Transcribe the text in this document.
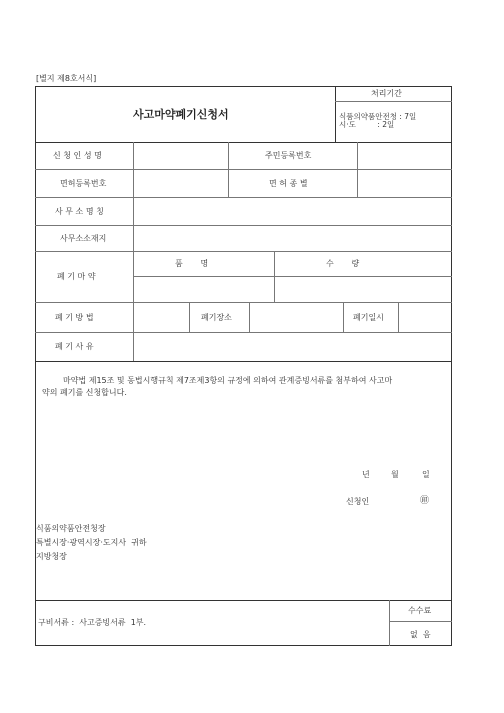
[별지 제8호서식]
사고마약폐기신청서
처리기간
식품의약품안전청 : 7일
시·도         : 2일
신 청 인 성 명	주민등록번호
면허등록번호	면 허 종 별
사 무 소 명 칭
사무소소재지
폐 기 마 약
품       명	수       량
폐 기 방 법	폐기장소	폐기일시
폐 기 사 유
마약법 제15조 및 동법시행규칙 제7조제3항의 규정에 의하여 관계증빙서류를 첨부하여 사고마
약의 폐기를 신청합니다.
년	월	일
신청인	㊞
식품의약품안전청장
특별시장·광역시장·도지사  귀하
지방청장
구비서류 :  사고증빙서류  1부.
수수료
없  음
